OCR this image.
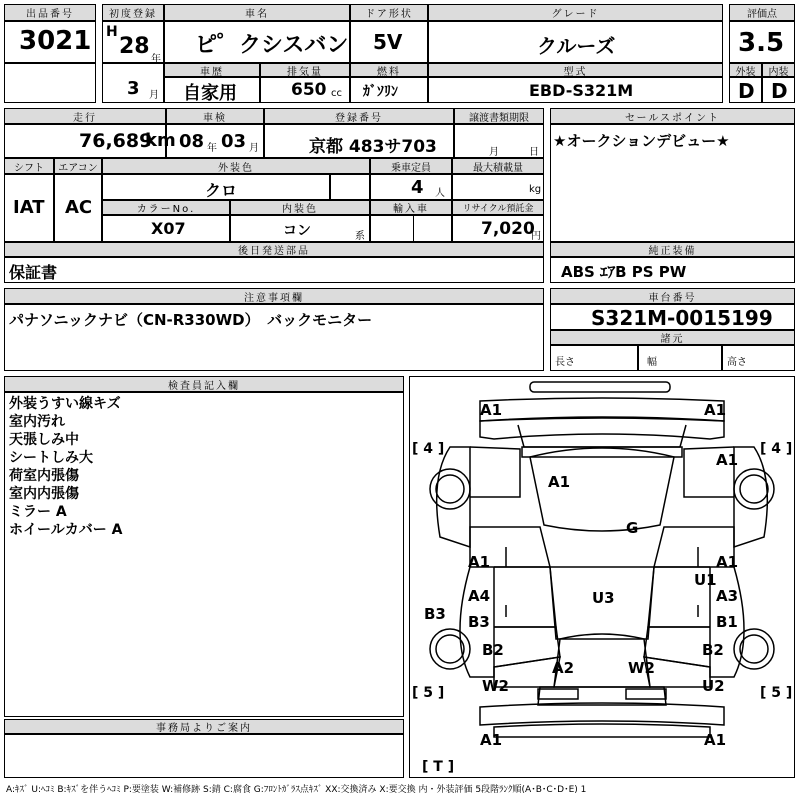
出品番号
3021
初度登録
H
28
年
3 月
車名
ピ゜クシスバン
ドア形状
5V
グレード
クルーズ
車歴
自家用
排気量
650 cc
燃料
ｶﾞｿﾘﾝ
型式
EBD-S321M
評価点
3.5
外装	内装
D D
走行
76,689
km
車検
08 年 03 月
登録番号
京都 483サ703
譲渡書類期限
月	日
シフト	エアコン
IAT AC
外装色
クロ
乗車定員
4 人
最大積載量
kg
カラーNo.
X07
内装色
コン	系
輸入車	リサイクル預託金
7,020
円
セールスポイント
★オークションデビュー★
後日発送部品
保証書
純正装備
ABS ｴｱB PS PW
注意事項欄
パナソニックナビ（CN-R330WD）　バックモニター
車台番号
S321M-0015199
諸元
長さ	幅	高さ
検査員記入欄
外装うすい線キズ
室内汚れ
天張しみ中
シートしみ大
荷室内張傷
室内内張傷
ミラー A
ホイールカバー A
事務局よりご案内
[ 4 ]	[ 4 ]
[ 5 ]	[ 5 ]
[ T ]
A1	A1
A1
A1
G
A1	A1
U1
A4	A3
B3 B3	B1
U3
B2	B2
A2	W2
W2	U2
A1	A1
A:ｷｽﾞ U:ﾍｺﾐ B:ｷｽﾞを伴うﾍｺﾐ P:要塗装 W:補修跡 S:錆 C:腐食 G:ﾌﾛﾝﾄｶﾞﾗｽ点ｷｽﾞ XX:交換済み X:要交換 内・外装評価 5段階ﾗﾝｸ順(A･B･C･D･E) 1
